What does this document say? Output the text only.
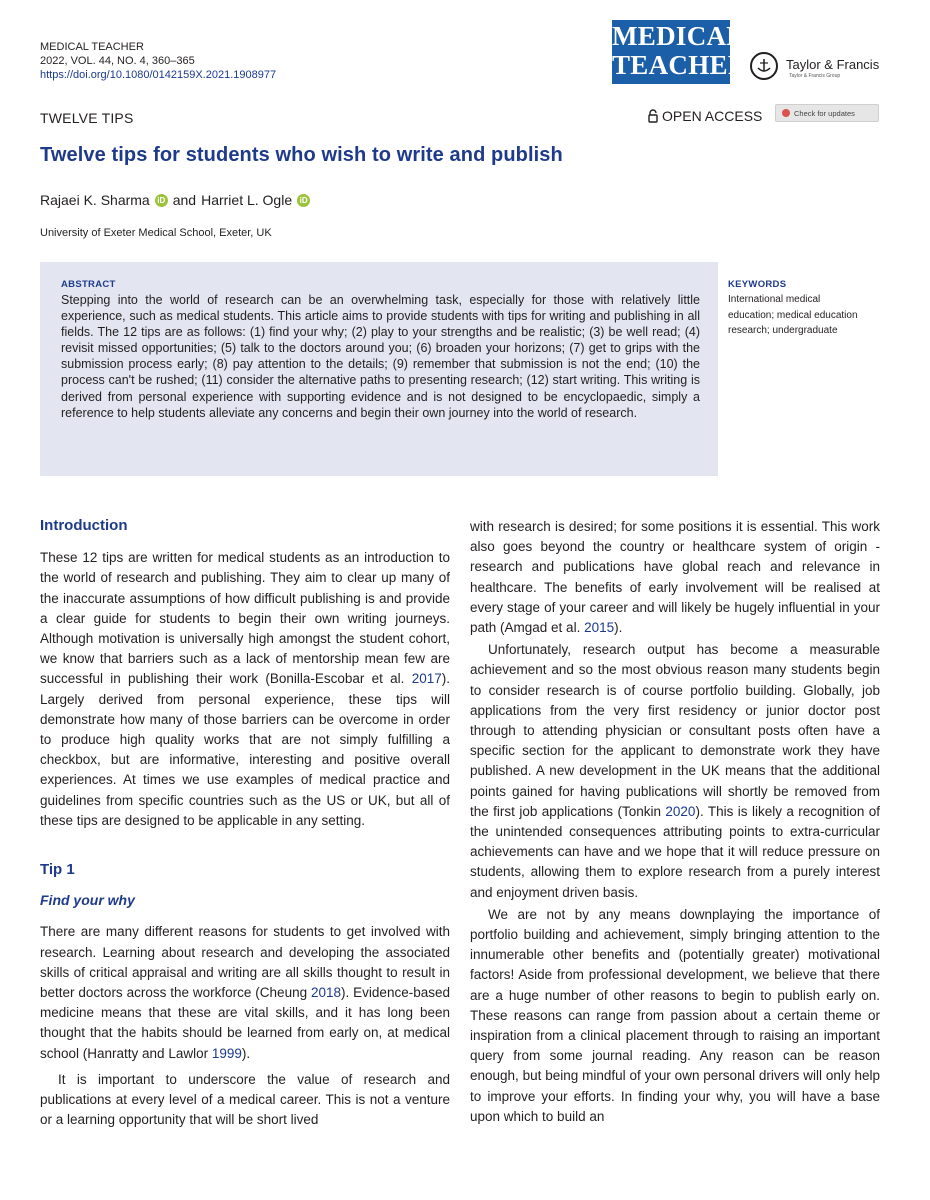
MEDICAL TEACHER
2022, VOL. 44, NO. 4, 360–365
https://doi.org/10.1080/0142159X.2021.1908977
MEDICAL
TEACHER	Taylor & Francis
Taylor & Francis Group
TWELVE TIPS	OPEN ACCESS	Check for updates
Twelve tips for students who wish to write and publish
Rajaei K. Sharma iD and Harriet L. Ogle iD
University of Exeter Medical School, Exeter, UK
ABSTRACT
Stepping into the world of research can be an overwhelming task, especially for those with relatively little experience, such as medical students. This article aims to provide students with tips for writing and publishing in all fields. The 12 tips are as follows: (1) find your why; (2) play to your strengths and be realistic; (3) be well read; (4) revisit missed opportunities; (5) talk to the doctors around you; (6) broaden your horizons; (7) get to grips with the submission process early; (8) pay attention to the details; (9) remember that submission is not the end; (10) the process can't be rushed; (11) consider the alternative paths to presenting research; (12) start writing. This writing is derived from personal experience with supporting evidence and is not designed to be encyclopaedic, simply a reference to help students alleviate any concerns and begin their own journey into the world of research.
KEYWORDS
International medical education; medical education research; undergraduate

Introduction

These 12 tips are written for medical students as an introduction to the world of research and publishing. They aim to clear up many of the inaccurate assumptions of how difficult publishing is and provide a clear guide for students to begin their own writing journeys. Although motivation is universally high amongst the student cohort, we know that barriers such as a lack of mentorship mean few are successful in publishing their work (Bonilla-Escobar et al. 2017). Largely derived from personal experience, these tips will demonstrate how many of those barriers can be overcome in order to produce high quality works that are not simply fulfilling a checkbox, but are informative, interesting and positive overall experiences. At times we use examples of medical practice and guidelines from specific countries such as the US or UK, but all of these tips are designed to be applicable in any setting.

Tip 1

Find your why

There are many different reasons for students to get involved with research. Learning about research and developing the associated skills of critical appraisal and writing are all skills thought to result in better doctors across the workforce (Cheung 2018). Evidence-based medicine means that these are vital skills, and it has long been thought that the habits should be learned from early on, at medical school (Hanratty and Lawlor 1999).

It is important to underscore the value of research and publications at every level of a medical career. This is not a venture or a learning opportunity that will be short lived

with research is desired; for some positions it is essential. This work also goes beyond the country or healthcare system of origin - research and publications have global reach and relevance in healthcare. The benefits of early involvement will be realised at every stage of your career and will likely be hugely influential in your path (Amgad et al. 2015).

Unfortunately, research output has become a measurable achievement and so the most obvious reason many students begin to consider research is of course portfolio building. Globally, job applications from the very first residency or junior doctor post through to attending physician or consultant posts often have a specific section for the applicant to demonstrate work they have published. A new development in the UK means that the additional points gained for having publications will shortly be removed from the first job applications (Tonkin 2020). This is likely a recognition of the unintended consequences attributing points to extra-curricular achievements can have and we hope that it will reduce pressure on students, allowing them to explore research from a purely interest and enjoyment driven basis.

We are not by any means downplaying the importance of portfolio building and achievement, simply bringing attention to the innumerable other benefits and (potentially greater) motivational factors! Aside from professional development, we believe that there are a huge number of other reasons to begin to publish early on. These reasons can range from passion about a certain theme or inspiration from a clinical placement through to raising an important query from some journal reading. Any reason can be reason enough, but being mindful of your own personal drivers will only help to improve your efforts. In finding your why, you will have a base upon which to build an
